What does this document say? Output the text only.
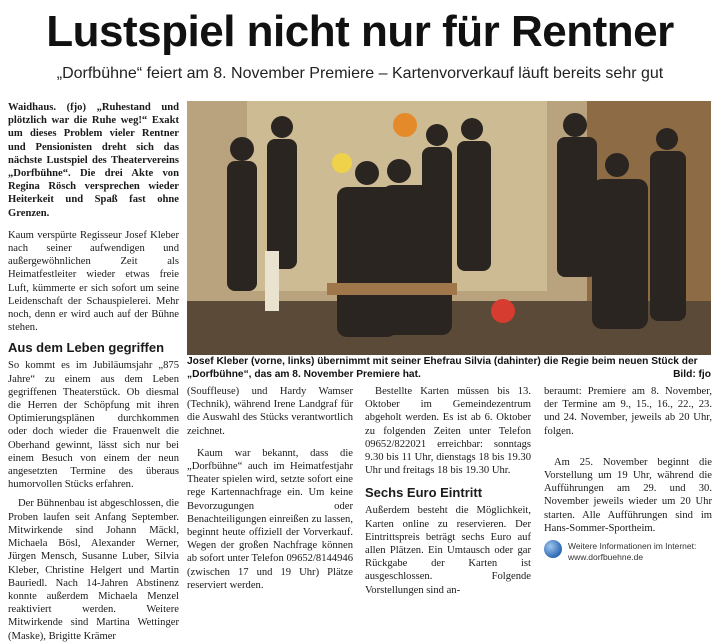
Lustspiel nicht nur für Rentner
„Dorfbühne“ feiert am 8. November Premiere – Kartenvorverkauf läuft bereits sehr gut

Waidhaus. (fjo) „Ruhestand und plötzlich war die Ruhe weg!“ Exakt um dieses Problem vieler Rentner und Pensionisten dreht sich das nächste Lustspiel des Theatervereins „Dorfbühne“. Die drei Akte von Regina Rösch versprechen wieder Heiterkeit und Spaß fast ohne Grenzen.

Kaum verspürte Regisseur Josef Kleber nach seiner aufwendigen und außergewöhnlichen Zeit als Heimatfestleiter wieder etwas freie Luft, kümmerte er sich sofort um seine Leidenschaft der Schauspielerei. Mehr noch, denn er wird auch auf der Bühne stehen.

Aus dem Leben gegriffen

So kommt es im Jubiläumsjahr „875 Jahre“ zu einem aus dem Leben gegriffenen Theaterstück. Ob diesmal die Herren der Schöpfung mit ihren Optimierungsplänen durchkommen oder doch wieder die Frauenwelt die Oberhand gewinnt, lässt sich nur bei einem Besuch von einem der neun angesetzten Termine des überaus humorvollen Stücks erfahren.

Der Bühnenbau ist abgeschlossen, die Proben laufen seit Anfang September. Mitwirkende sind Johann Mäckl, Michaela Bösl, Alexander Werner, Jürgen Mensch, Susanne Luber, Silvia Kleber, Christine Helgert und Martin Bauriedl. Nach 14-Jahren Abstinenz konnte außerdem Michaela Menzel reaktiviert werden. Weitere Mitwirkende sind Martina Wettinger (Maske), Brigitte Krämer

Josef Kleber (vorne, links) übernimmt mit seiner Ehefrau Silvia (dahinter) die Regie beim neuen Stück der „Dorfbühne“, das am 8. November Premiere hat.	Bild: fjo

(Souffleuse) und Hardy Wamser (Technik), während Irene Landgraf für die Auswahl des Stücks verantwortlich zeichnet.

Kaum war bekannt, dass die „Dorfbühne“ auch im Heimatfestjahr Theater spielen wird, setzte sofort eine rege Kartennachfrage ein. Um keine Bevorzugungen oder Benachteiligungen einreißen zu lassen, beginnt heute offiziell der Vorverkauf. Wegen der großen Nachfrage können ab sofort unter Telefon 09652/8144946 (zwischen 17 und 19 Uhr) Plätze reserviert werden.

Bestellte Karten müssen bis 13. Oktober im Gemeindezentrum abgeholt werden. Es ist ab 6. Oktober zu folgenden Zeiten unter Telefon 09652/822021 erreichbar: sonntags 9.30 bis 11 Uhr, dienstags 18 bis 19.30 Uhr und freitags 18 bis 19.30 Uhr.

Sechs Euro Eintritt

Außerdem besteht die Möglichkeit, Karten online zu reservieren. Der Eintrittspreis beträgt sechs Euro auf allen Plätzen. Ein Umtausch oder gar Rückgabe der Karten ist ausgeschlossen. Folgende Vorstellungen sind an-

beraumt: Premiere am 8. November, der Termine am 9., 15., 16., 22., 23. und 24. November, jeweils ab 20 Uhr, folgen.

Am 25. November beginnt die Vorstellung um 19 Uhr, während die Aufführungen am 29. und 30. November jeweils wieder um 20 Uhr starten. Alle Aufführungen sind im Hans-Sommer-Sportheim.

Weitere Informationen im Internet:
www.dorfbuehne.de
